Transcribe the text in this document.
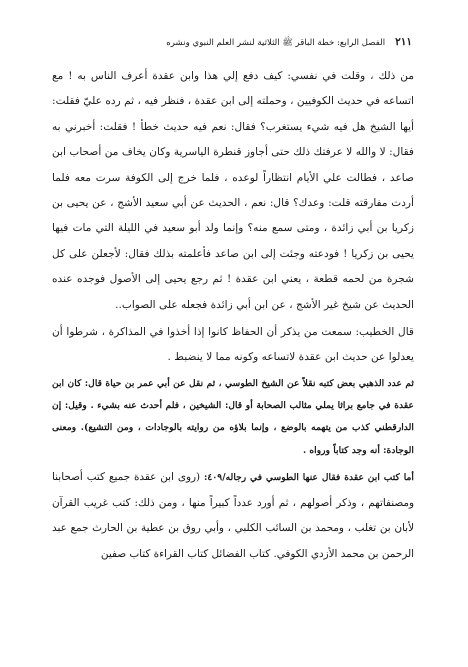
٢١١
الفصل الرابع: خطة الباقر ﷺ الثلاثية لنشر العلم النبوي ونشره

من ذلك ، وقلت في نفسي: كيف دفع إلي هذا وابن عقدة أعرف الناس به ! مع اتساعه في حديث الكوفيين ، وحملته إلى ابن عقدة ، فنظر فيه ، ثم رده عليّ فقلت: أيها الشيخ هل فيه شيء يستغرب؟ فقال: نعم فيه حديث خطأ ! فقلت: أخبرني به فقال: لا والله لا عرفتك ذلك حتى أجاوز قنطرة الياسرية وكان يخاف من أصحاب ابن صاعد ، فطالت علي الأيام انتظاراً لوعده ، فلما خرج إلى الكوفة سرت معه فلما أردت مفارقته قلت: وعدك؟ قال: نعم ، الحديث عن أبي سعيد الأشج ، عن يحيى بن زكريا بن أبي زائدة ، ومتى سمع منه؟ وإنما ولد أبو سعيد في الليلة التي مات فيها يحيى بن زكريا ! فودعته وجئت إلى ابن صاعد فأعلمته بذلك فقال: لأجعلن على كل شجرة من لحمه قطعة ، يعني ابن عقدة ! ثم رجع يحيى إلى الأصول فوجده عنده الحديث عن شيخ غير الأشج ، عن ابن أبي زائدة فجعله على الصواب..

قال الخطيب: سمعت من يذكر أن الحفاظ كانوا إذا أخذوا في المذاكرة ، شرطوا أن يعدلوا عن حديث ابن عقدة لاتساعه وكونه مما لا ينضبط .

ثم عدد الذهبي بعض كتبه نقلاً عن الشيخ الطوسي ، ثم نقل عن أبي عمر بن حياة قال: كان ابن عقدة في جامع براثا يملي مثالب الصحابة أو قال: الشيخين ، فلم أحدث عنه بشيء . وقيل: إن الدارقطني كذب من يتهمه بالوضع ، وإنما بلاؤه من روايته بالوجادات ، ومن التشيع). ومعنى الوجادة: أنه وجد كتاباً ورواه .

أما كتب ابن عقدة فقال عنها الطوسي في رجاله/٤٠٩: (روى ابن عقدة جميع كتب أصحابنا ومصنفاتهم ، وذكر أصولهم ، ثم أورد عدداً كبيراً منها ، ومن ذلك: كتب غريب القرآن لأبان بن تغلب ، ومحمد بن السائب الكلبي ، وأبي روق بن عطية بن الحارث جمع عبد الرحمن بن محمد الأزدي الكوفي. كتاب الفضائل كتاب القراءة كتاب صفين
